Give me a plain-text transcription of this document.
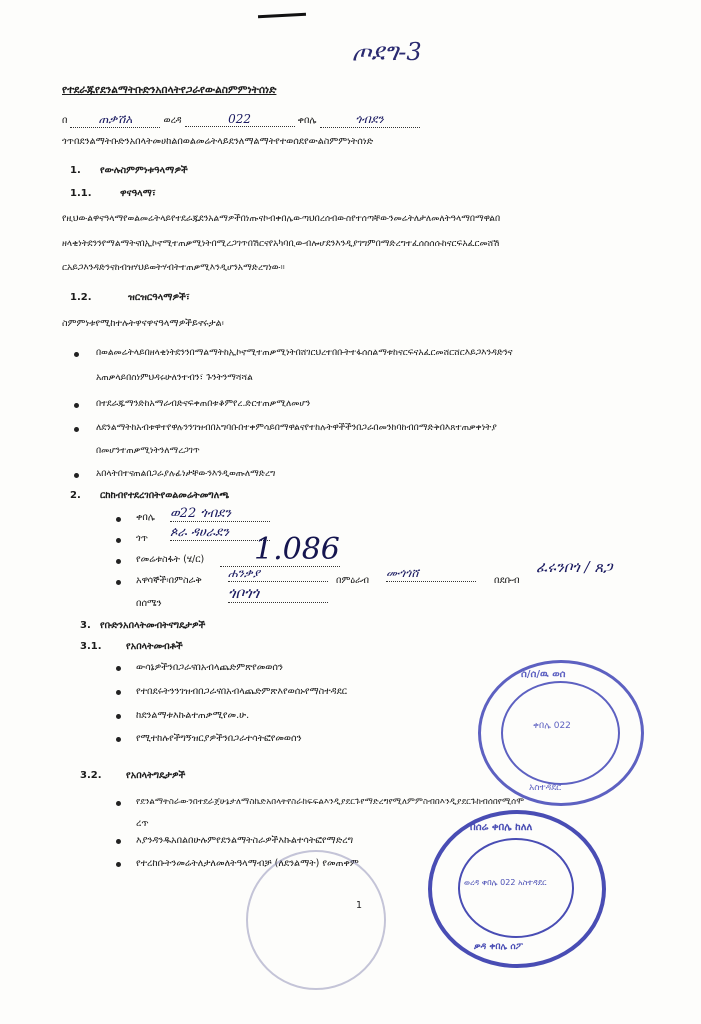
ጦደግ-3
የተደራጁየደንልማትቡድንአበላትየጋራየውልስምምነትሰነድ
በ	ጠቃሽአ	ወረዳ	022	ቀበሌ	ጎብደን
ጎጥበደንልማትቡድንአበላትመሀከልበወልመሬትላይደንለማልማትየተወሰደየውልስምምነትሰነድ
1. የውሉስምምነቱዓላማዎች
1.1.	ዋናዓላማ፣
የዚህውልዋናዓላማየወልመሬትላይየተደራጁደንአልማዎችበነጡናኮብቀበሌውጣህበረሰብውስየተሰጣቸውንመሬትለታለመለትዓላማበማዋልበ
ዘላቂነትደንንየማልማትናበኢኮኖሚተጠቃሚነትበሚረጋገጥበሽርናየአካባቢውብሎሆደንእንዲያገግምበማድረግተፈሰስሰሱከናርፍአፈርመሸሽ
ርአይጋእንዳድንናከብዝሃህይወትሃብትተጠቃሚእንዲሆንአማድረግነው።
1.2.	ዝርዝርዓላማዎች፣
ስምምነቱየሚከተሉትዋናዋናዓላማዎችይኖሩታል፡
በወልመሬትላይበዘላቂነትደንንበማልማትከኢኮኖሚተጠቃሚነትበሸገርህረተበቡትተፋሰስልማቱከናርፍናአፈርመሸርሸርእይጋእንዳድንና
አጠቃላይበስነምህዳሩሁለንተብን፣ ጉንትንማሻሻል
በተደራጁማንድከአማራብድናፍቀጠበቱቆምየረ.ድርተጠቃሚለመሆን
ለደንልማትከአብቱዋተየዋሉንንገዝብበአግባቡበተቀምሳይበማዋልናየተከሉትዋችችንበጋራበመንከባከብበማድቅበእጸተጠቃቀነትያ
በመሆንተጠቃሚነትንለማረጋገጥ
አበላትበተናጠልበጋራያሉፊነታቸውንእንዲወጡለማድረግ
2. ርከከብየተደረገበትየወልመሬትመግለጫ
ቀበሌ ወ22 ጎብደን
ጎጥ ጶራ ዳሀራደን
የመሬቱስፋት (ሄ/ር) 1.086
አዋሳኞች፡በምስራቅ
ሐንቃያ
በምዕራብ
ሙጎጎሸ
በደቡብ
ፈሩንቦጎ / ጸጋ
በሰሜን
ጎቦጎጎ
3. የቡድንአበላትመብትናግዴታዎች
3.1.	የአበላትመብቶች
ውሳኔዎችንበጋራናበአብላጨድምጽየመወሰን
የተበደሩትንንገዝብበጋራናበአብላጨድምጽእየወሰኑየማስተዳደር
ከደንልማቱእኩልተጠቃሚየመ.ሁ.
የሚተከሉየችግኝዝርያዎችንበጋራተሳትፎየመወሰን
3.2.	የአበላትግዴታዎች
የደንልማትስራውንበተደራጀሁኔታለማስኬድአበላትየስራከፍፍልእንዲያደርጉየማድረግየሚለምምስብበእንዲያደርጉከብሰበየሚሰሞ
ረጥ
እያንዳንዱአበልበሁሉምየደንልማትስራዎችእኩልተሳትፎየማድረግ
የተረከቡትንመሬትለታለመለትዓላማብቻ (ለደንልማት) የመጠቀም
1
ሰ/ሰ/ዉ ወሰ
ቀበሌ 022
አስተዳደር
በሰሬ ቀበሌ ከለለ
ወረዳ ቀበሌ 022 አስተዳደር
ቃዳ ቀበሌ ሰፖ
